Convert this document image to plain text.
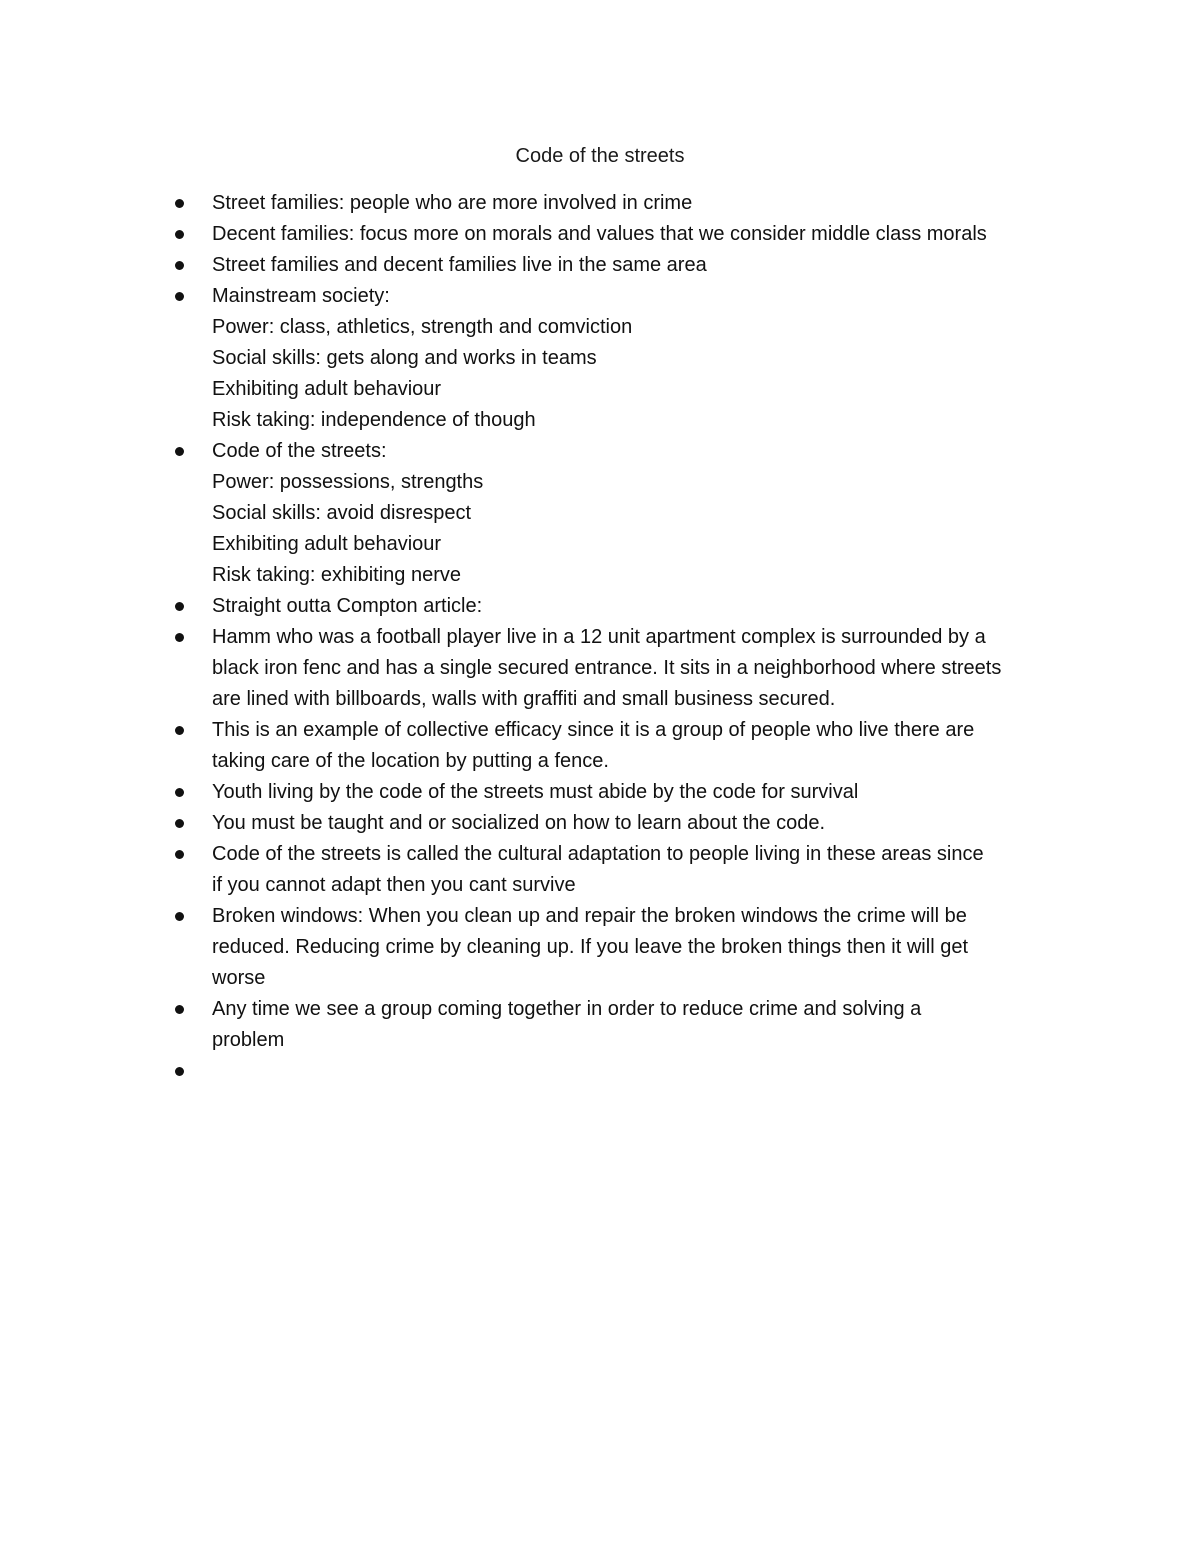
Code of the streets
Street families: people who are more involved in crime
Decent families: focus more on morals and values that we consider middle class morals
Street families and decent families live in the same area
Mainstream society:
Power: class, athletics, strength and comviction
Social skills: gets along and works in teams
Exhibiting adult behaviour
Risk taking: independence of though
Code of the streets:
Power: possessions, strengths
Social skills: avoid disrespect
Exhibiting adult behaviour
Risk taking: exhibiting nerve
Straight outta Compton article:
Hamm who was a football player live in a 12 unit apartment complex is surrounded by a
black iron fenc and has a single secured entrance. It sits in a neighborhood where streets
are lined with billboards, walls with graffiti and small business secured.
This is an example of collective efficacy since it is a group of people who live there are
taking care of the location by putting a fence.
Youth living by the code of the streets must abide by the code for survival
You must be taught and or socialized on how to learn about the code.
Code of the streets is called the cultural adaptation to people living in these areas since
if you cannot adapt then you cant survive
Broken windows: When you clean up and repair the broken windows the crime will be
reduced. Reducing crime by cleaning up. If you leave the broken things then it will get
worse
Any time we see a group coming together in order to reduce crime and solving a
problem
